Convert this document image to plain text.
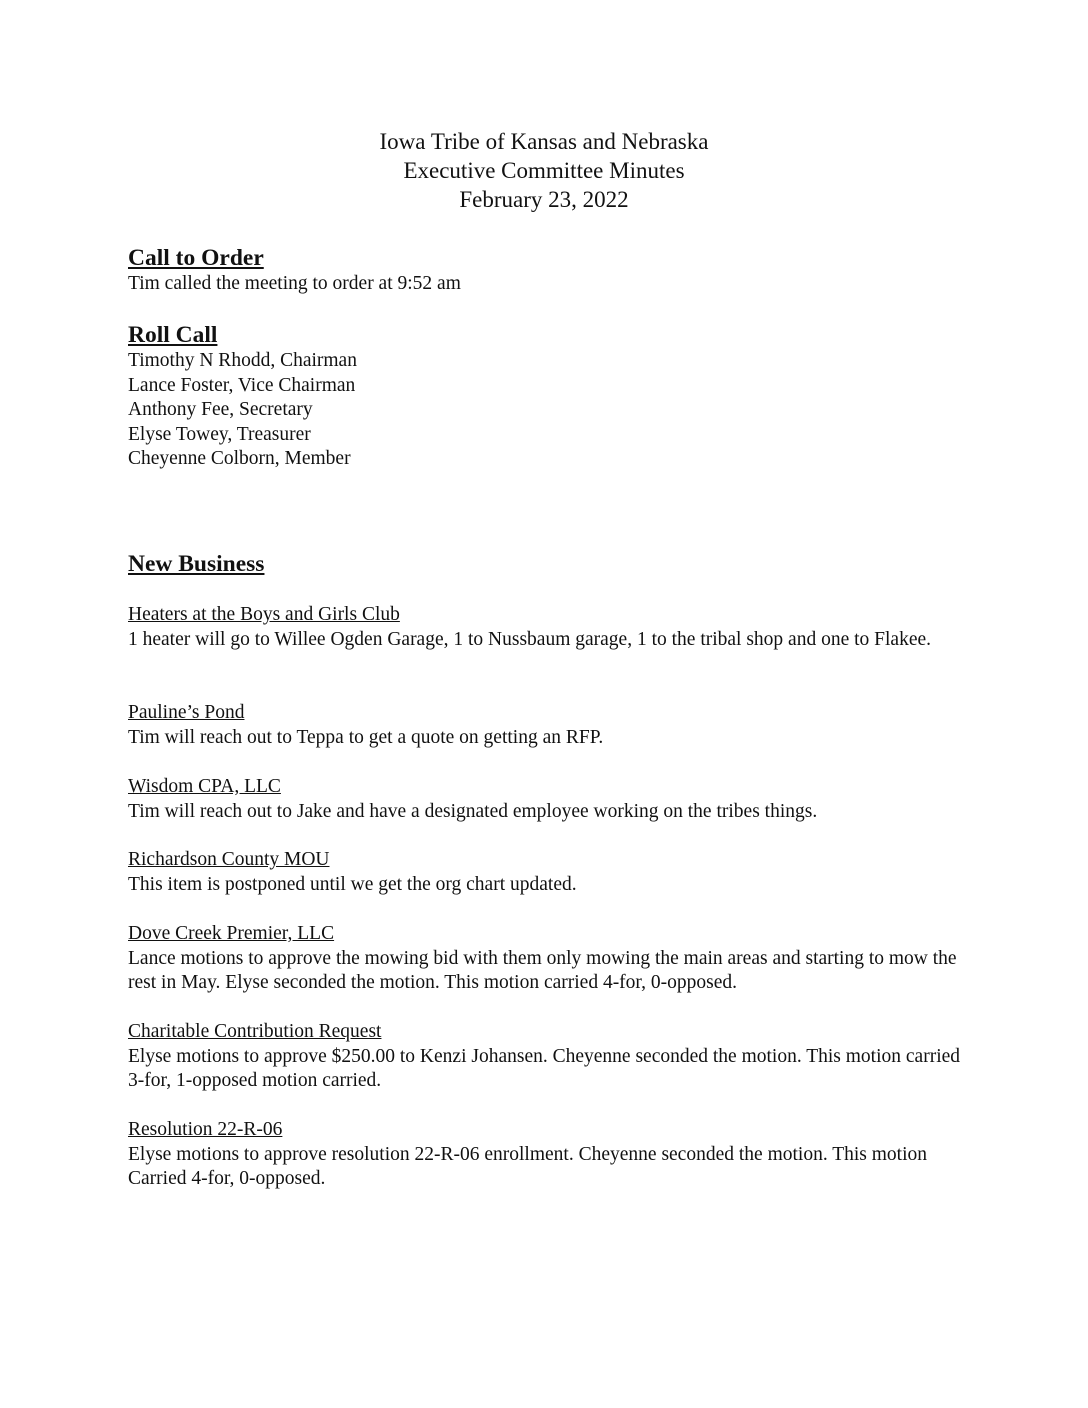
Iowa Tribe of Kansas and Nebraska
Executive Committee Minutes
February 23, 2022
Call to Order
Tim called the meeting to order at 9:52 am
Roll Call
Timothy N Rhodd, Chairman
Lance Foster, Vice Chairman
Anthony Fee, Secretary
Elyse Towey, Treasurer
Cheyenne Colborn, Member
New Business
Heaters at the Boys and Girls Club
1 heater will go to Willee Ogden Garage, 1 to Nussbaum garage, 1 to the tribal shop and one to Flakee.
Pauline’s Pond
Tim will reach out to Teppa to get a quote on getting an RFP.
Wisdom CPA, LLC
Tim will reach out to Jake and have a designated employee working on the tribes things.
Richardson County MOU
This item is postponed until we get the org chart updated.
Dove Creek Premier, LLC
Lance motions to approve the mowing bid with them only mowing the main areas and starting to mow the rest in May. Elyse seconded the motion. This motion carried 4-for, 0-opposed.
Charitable Contribution Request
Elyse motions to approve $250.00 to Kenzi Johansen. Cheyenne seconded the motion. This motion carried 3-for, 1-opposed motion carried.
Resolution 22-R-06
Elyse motions to approve resolution 22-R-06 enrollment. Cheyenne seconded the motion. This motion Carried 4-for, 0-opposed.
